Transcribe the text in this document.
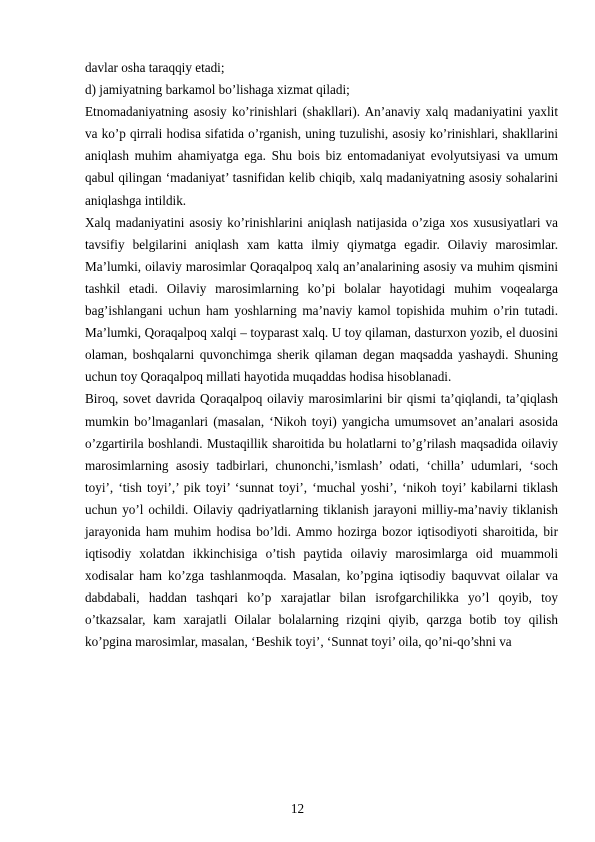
davlar osha taraqqiy etadi;

d) jamiyatning barkamol bo’lishaga xizmat qiladi;

Etnomadaniyatning asosiy ko’rinishlari (shakllari). An’anaviy xalq madaniyatini yaxlit va ko’p qirrali hodisa sifatida o’rganish, uning tuzulishi, asosiy ko’rinishlari, shakllarini aniqlash muhim ahamiyatga ega. Shu bois biz entomadaniyat evolyutsiyasi va umum qabul qilingan ‘madaniyat’ tasnifidan kelib chiqib, xalq madaniyatning asosiy sohalarini aniqlashga intildik.

Xalq madaniyatini asosiy ko’rinishlarini aniqlash natijasida o’ziga xos xususiyatlari va tavsifiy belgilarini aniqlash xam katta ilmiy qiymatga egadir. Oilaviy marosimlar. Ma’lumki, oilaviy marosimlar Qoraqalpoq xalq an’analarining asosiy va muhim qismini tashkil etadi. Oilaviy marosimlarning ko’pi bolalar hayotidagi muhim voqealarga bag’ishlangani uchun ham yoshlarning ma’naviy kamol topishida muhim o’rin tutadi. Ma’lumki, Qoraqalpoq xalqi – toyparast xalq. U toy qilaman, dasturxon yozib, el duosini olaman, boshqalarni quvonchimga sherik qilaman degan maqsadda yashaydi. Shuning uchun toy Qoraqalpoq millati hayotida muqaddas hodisa hisoblanadi.

Biroq, sovet davrida Qoraqalpoq oilaviy marosimlarini bir qismi ta’qiqlandi, ta’qiqlash mumkin bo’lmaganlari (masalan, ‘Nikoh toyi) yangicha umumsovet an’analari asosida o’zgartirila boshlandi. Mustaqillik sharoitida bu holatlarni to’g’rilash maqsadida oilaviy marosimlarning asosiy tadbirlari, chunonchi,’ismlash’ odati, ‘chilla’ udumlari, ‘soch toyi’, ‘tish toyi’,’ pik toyi’ ‘sunnat toyi’, ‘muchal yoshi’, ‘nikoh toyi’ kabilarni tiklash uchun yo’l ochildi. Oilaviy qadriyatlarning tiklanish jarayoni milliy-ma’naviy tiklanish jarayonida ham muhim hodisa bo’ldi. Ammo hozirga bozor iqtisodiyoti sharoitida, bir iqtisodiy xolatdan ikkinchisiga o’tish paytida oilaviy marosimlarga oid muammoli xodisalar ham ko’zga tashlanmoqda. Masalan, ko’pgina iqtisodiy baquvvat oilalar va dabdabali, haddan tashqari ko’p xarajatlar bilan isrofgarchilikka yo’l qoyib, toy o’tkazsalar, kam xarajatli Oilalar bolalarning rizqini qiyib, qarzga botib toy qilish ko’pgina marosimlar, masalan, ‘Beshik toyi’, ‘Sunnat toyi’ oila, qo’ni-qo’shni va

12
